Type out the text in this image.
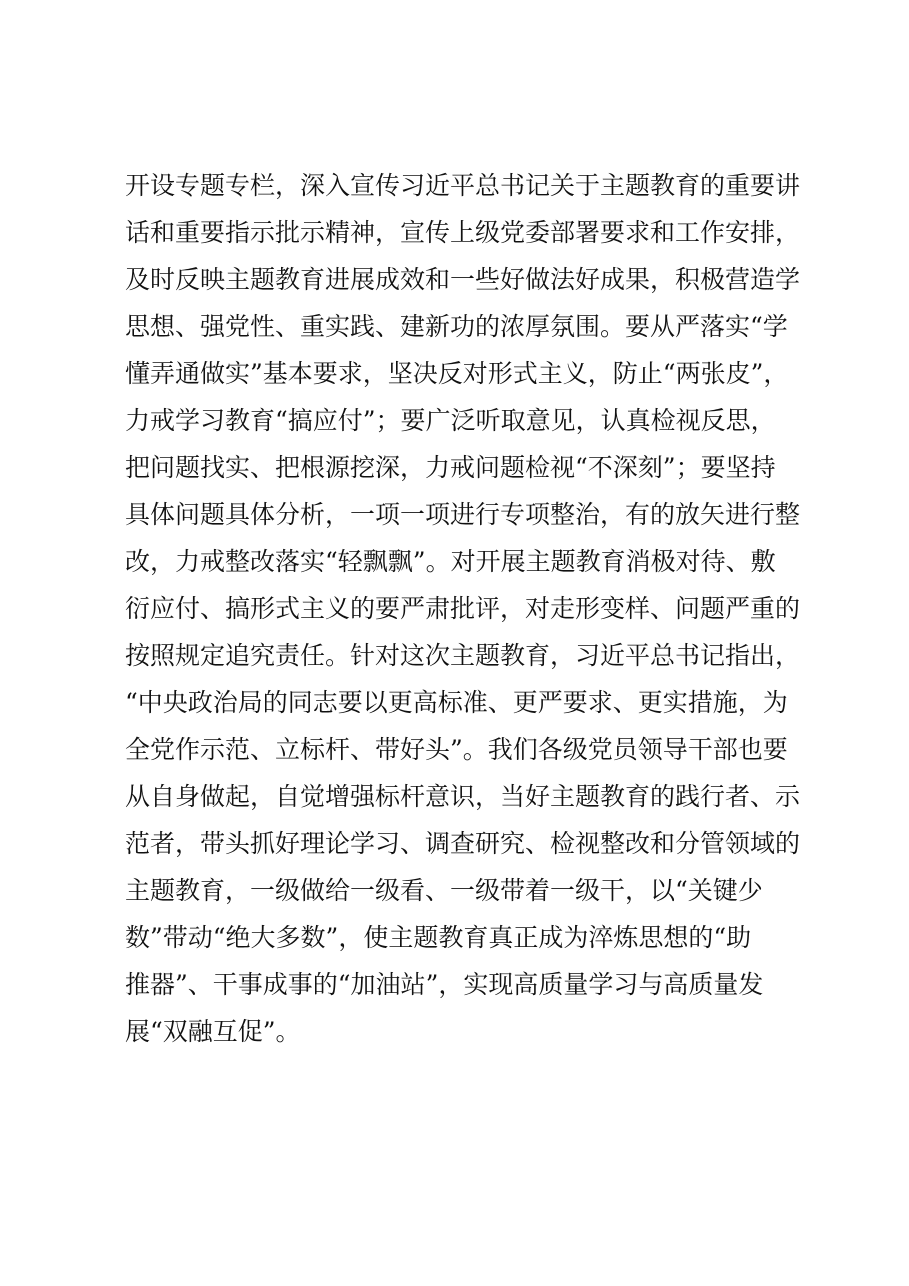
开设专题专栏，深入宣传习近平总书记关于主题教育的重要讲
话和重要指示批示精神，宣传上级党委部署要求和工作安排，
及时反映主题教育进展成效和一些好做法好成果，积极营造学
思想、强党性、重实践、建新功的浓厚氛围。要从严落实“学
懂弄通做实”基本要求，坚决反对形式主义，防止“两张皮”，
力戒学习教育“搞应付”；要广泛听取意见，认真检视反思，
把问题找实、把根源挖深，力戒问题检视“不深刻”；要坚持
具体问题具体分析，一项一项进行专项整治，有的放矢进行整
改，力戒整改落实“轻飘飘”。对开展主题教育消极对待、敷
衍应付、搞形式主义的要严肃批评，对走形变样、问题严重的
按照规定追究责任。针对这次主题教育，习近平总书记指出，
“中央政治局的同志要以更高标准、更严要求、更实措施，为
全党作示范、立标杆、带好头”。我们各级党员领导干部也要
从自身做起，自觉增强标杆意识，当好主题教育的践行者、示
范者，带头抓好理论学习、调查研究、检视整改和分管领域的
主题教育，一级做给一级看、一级带着一级干，以“关键少
数”带动“绝大多数”，使主题教育真正成为淬炼思想的“助
推器”、干事成事的“加油站”，实现高质量学习与高质量发
展“双融互促”。
